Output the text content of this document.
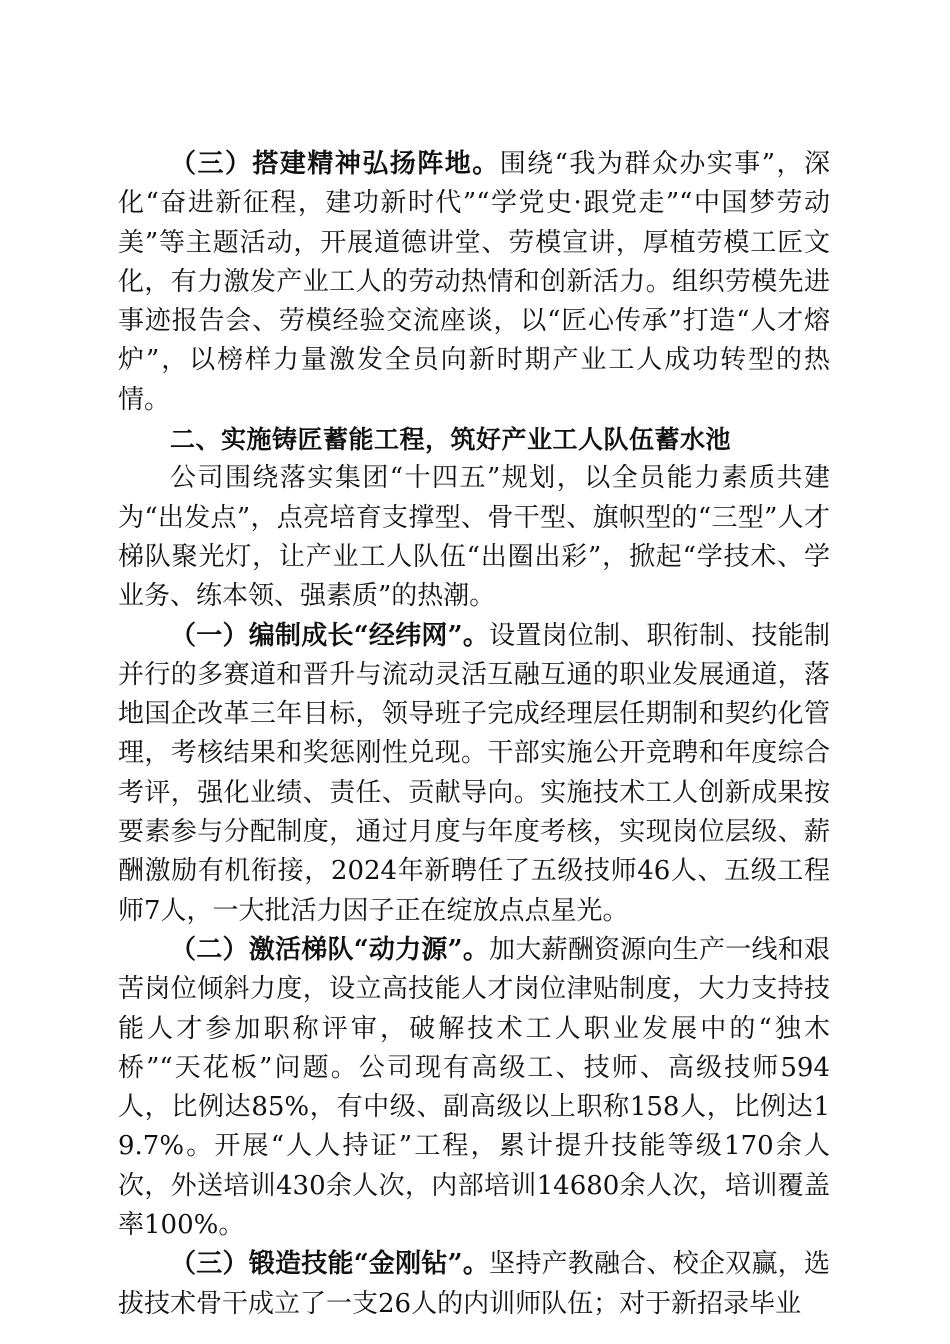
（三）搭建精神弘扬阵地。围绕“我为群众办实事”，深化“奋进新征程，建功新时代”“学党史·跟党走”“中国梦劳动美”等主题活动，开展道德讲堂、劳模宣讲，厚植劳模工匠文化，有力激发产业工人的劳动热情和创新活力。组织劳模先进事迹报告会、劳模经验交流座谈，以“匠心传承”打造“人才熔炉”，以榜样力量激发全员向新时期产业工人成功转型的热情。

二、实施铸匠蓄能工程，筑好产业工人队伍蓄水池

公司围绕落实集团“十四五”规划，以全员能力素质共建为“出发点”，点亮培育支撑型、骨干型、旗帜型的“三型”人才梯队聚光灯，让产业工人队伍“出圈出彩”，掀起“学技术、学业务、练本领、强素质”的热潮。

（一）编制成长“经纬网”。设置岗位制、职衔制、技能制并行的多赛道和晋升与流动灵活互融互通的职业发展通道，落地国企改革三年目标，领导班子完成经理层任期制和契约化管理，考核结果和奖惩刚性兑现。干部实施公开竞聘和年度综合考评，强化业绩、责任、贡献导向。实施技术工人创新成果按要素参与分配制度，通过月度与年度考核，实现岗位层级、薪酬激励有机衔接，2024年新聘任了五级技师46人、五级工程师7人，一大批活力因子正在绽放点点星光。

（二）激活梯队“动力源”。加大薪酬资源向生产一线和艰苦岗位倾斜力度，设立高技能人才岗位津贴制度，大力支持技能人才参加职称评审，破解技术工人职业发展中的“独木桥”“天花板”问题。公司现有高级工、技师、高级技师594人，比例达85%，有中级、副高级以上职称158人，比例达19.7%。开展“人人持证”工程，累计提升技能等级170余人次，外送培训430余人次，内部培训14680余人次，培训覆盖率100%。

（三）锻造技能“金刚钻”。坚持产教融合、校企双赢，选拔技术骨干成立了一支26人的内训师队伍；对于新招录毕业
